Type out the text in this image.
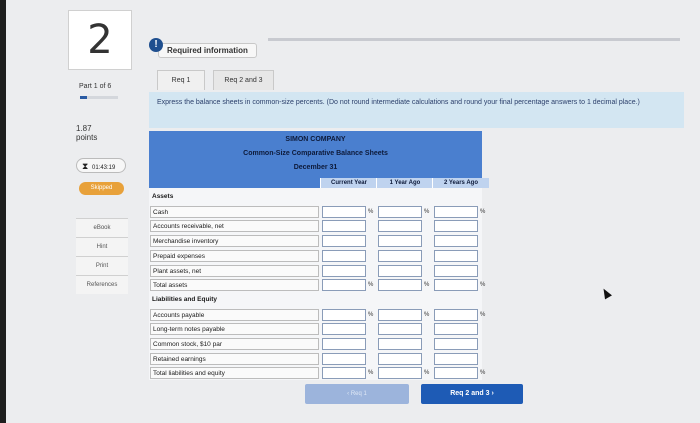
2	Required information
!
Part 1 of 6
1.87
points
⧗ 01:43:19
Skipped
eBook
Hint
Print
References
Req 1	Req 2 and 3
Express the balance sheets in common-size percents. (Do not round intermediate calculations and round your final percentage answers to 1 decimal place.)
SIMON COMPANY
Common-Size Comparative Balance Sheets
December 31
Current Year	1 Year Ago	2 Years Ago
Assets
Cash	%	%	%
Accounts receivable, net
Merchandise inventory
Prepaid expenses
Plant assets, net
Total assets	%	%	%
Liabilities and Equity
Accounts payable	%	%	%
Long-term notes payable
Common stock, $10 par
Retained earnings
Total liabilities and equity	%	%	%
‹ Req 1	Req 2 and 3 ›
